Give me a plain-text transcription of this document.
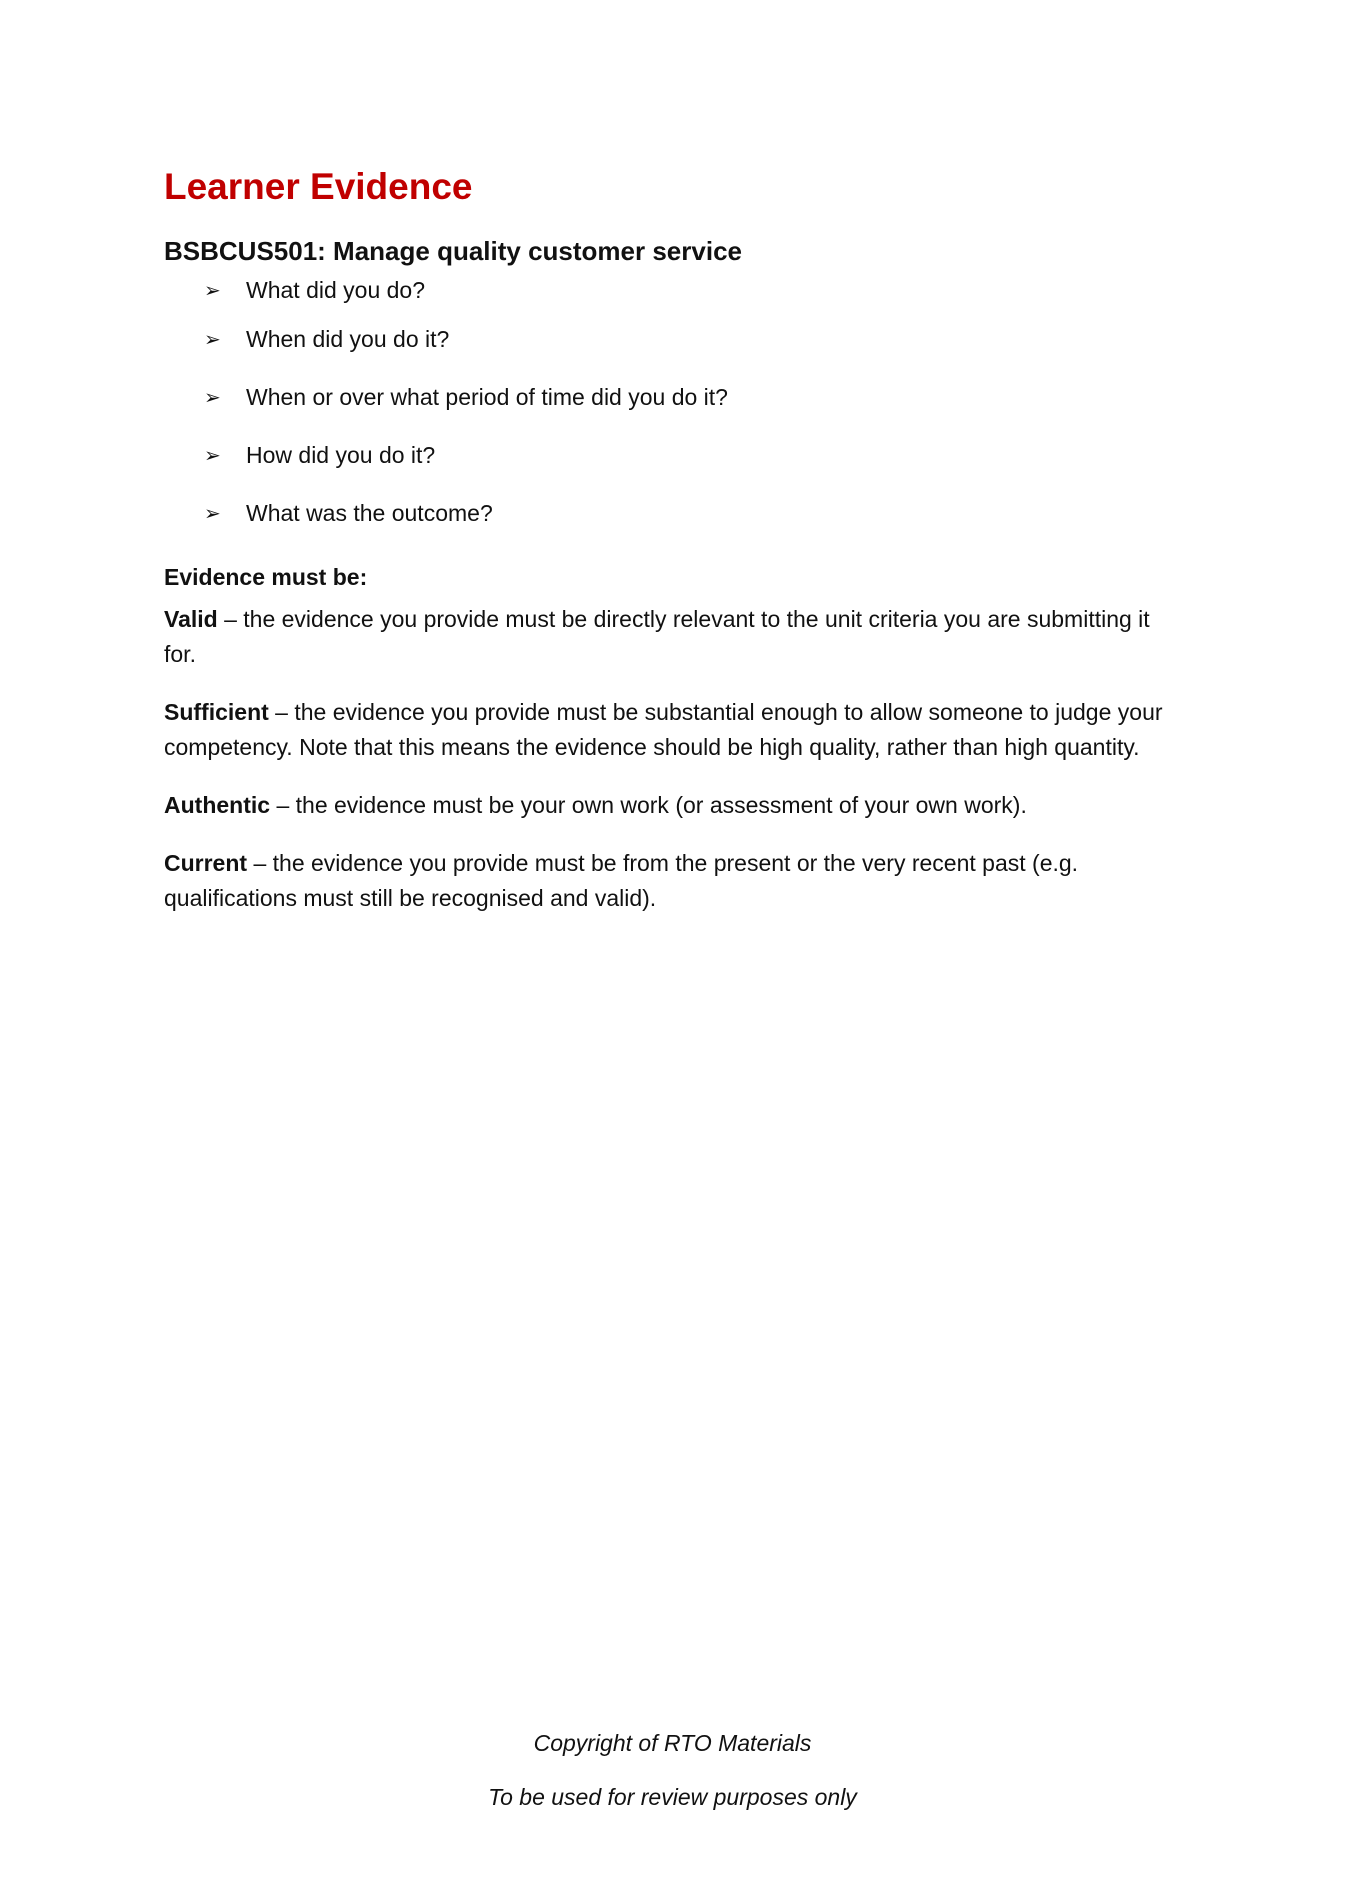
Learner Evidence
BSBCUS501: Manage quality customer service
➢	What did you do?
➢	When did you do it?
➢	When or over what period of time did you do it?
➢	How did you do it?
➢	What was the outcome?

Evidence must be:

Valid – the evidence you provide must be directly relevant to the unit criteria you are submitting it for.

Sufficient – the evidence you provide must be substantial enough to allow someone to judge your competency. Note that this means the evidence should be high quality, rather than high quantity.

Authentic – the evidence must be your own work (or assessment of your own work).

Current – the evidence you provide must be from the present or the very recent past (e.g. qualifications must still be recognised and valid).

Copyright of RTO Materials
To be used for review purposes only
